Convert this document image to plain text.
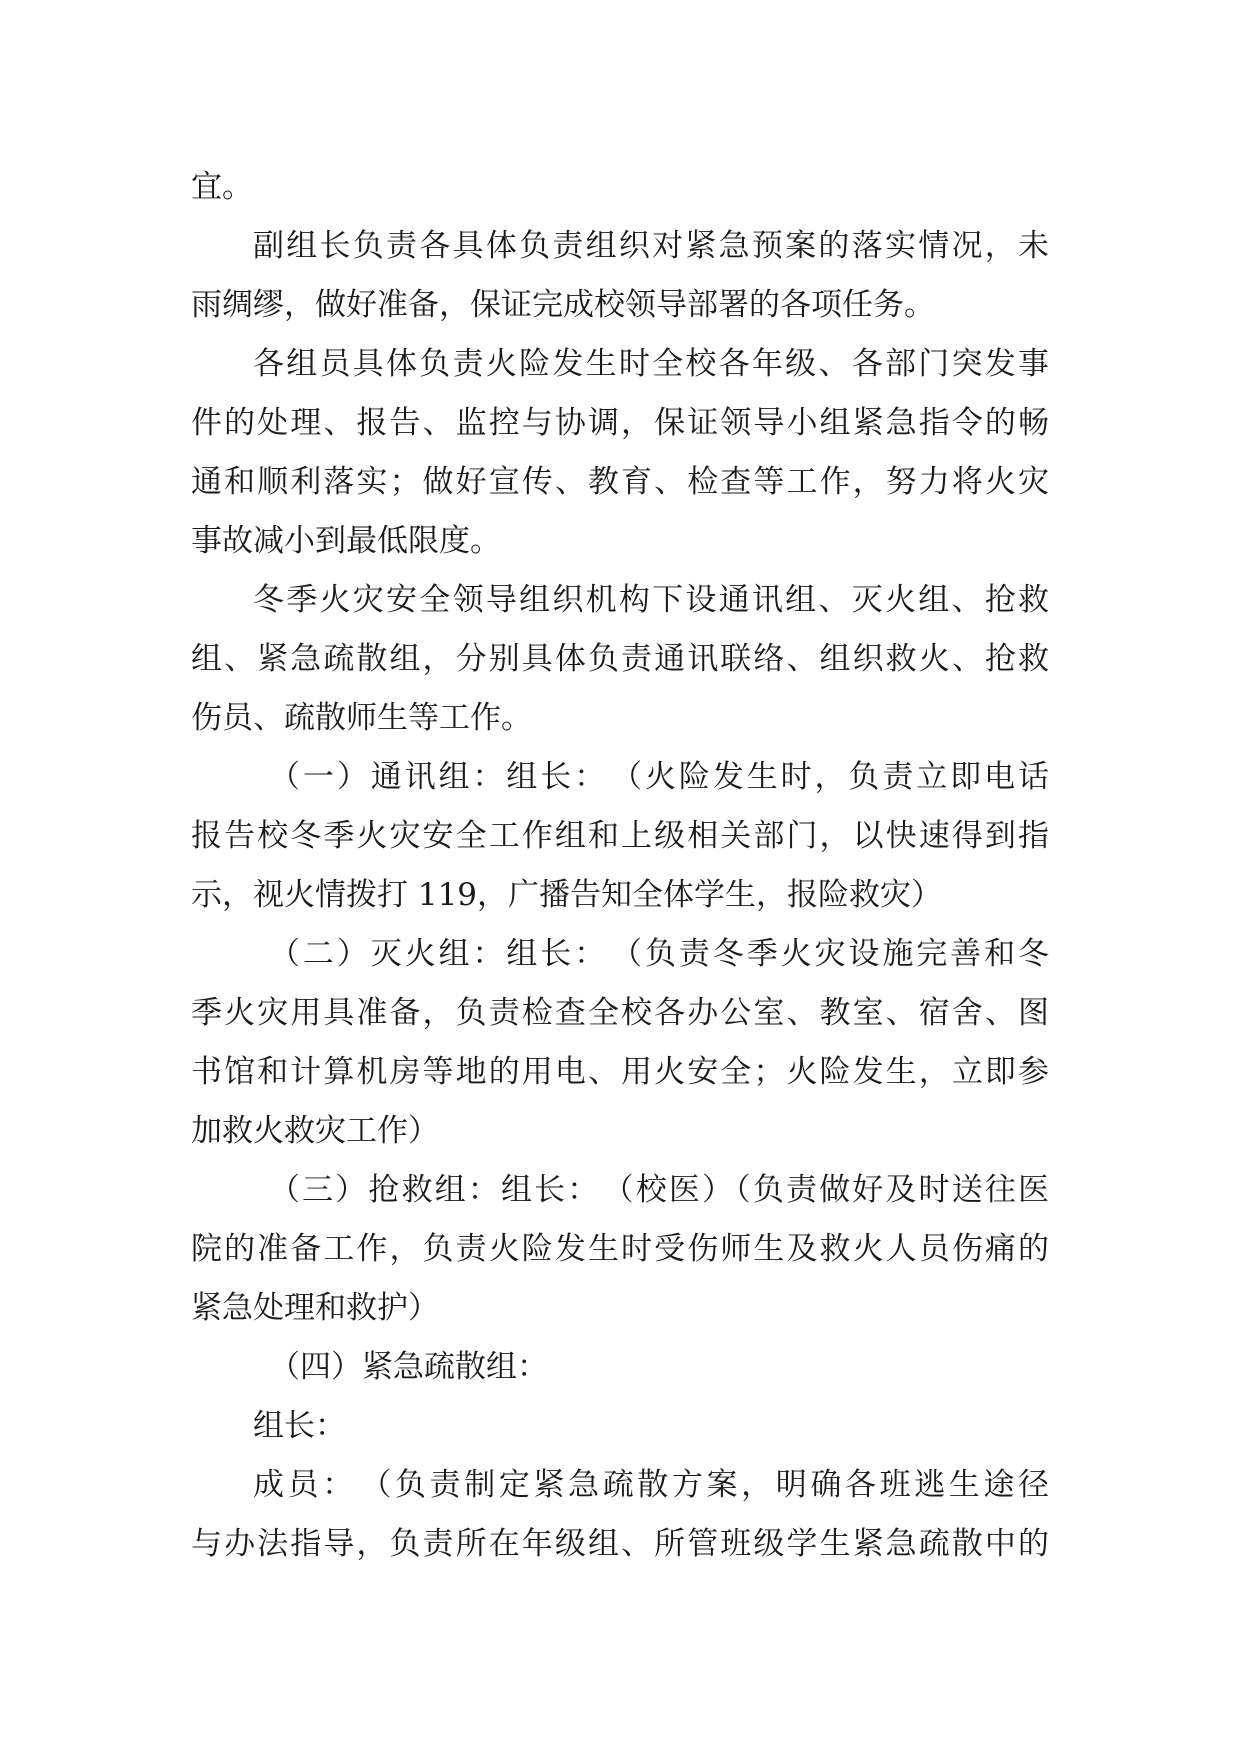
宜。
副组长负责各具体负责组织对紧急预案的落实情况，未
雨绸缪，做好准备，保证完成校领导部署的各项任务。
各组员具体负责火险发生时全校各年级、各部门突发事
件的处理、报告、监控与协调，保证领导小组紧急指令的畅
通和顺利落实；做好宣传、教育、检查等工作，努力将火灾
事故减小到最低限度。
冬季火灾安全领导组织机构下设通讯组、灭火组、抢救
组、紧急疏散组，分别具体负责通讯联络、组织救火、抢救
伤员、疏散师生等工作。
（一）通讯组：组长：　（火险发生时，负责立即电话
报告校冬季火灾安全工作组和上级相关部门，以快速得到指
示，视火情拨打 119，广播告知全体学生，报险救灾）
（二）灭火组：组长：　（负责冬季火灾设施完善和冬
季火灾用具准备，负责检查全校各办公室、教室、宿舍、图
书馆和计算机房等地的用电、用火安全；火险发生，立即参
加救火救灾工作）
（三）抢救组：组长：　（校医）（负责做好及时送往医
院的准备工作，负责火险发生时受伤师生及救火人员伤痛的
紧急处理和救护）
（四）紧急疏散组：
组长：
成员：　（负责制定紧急疏散方案，明确各班逃生途径
与办法指导，负责所在年级组、所管班级学生紧急疏散中的
